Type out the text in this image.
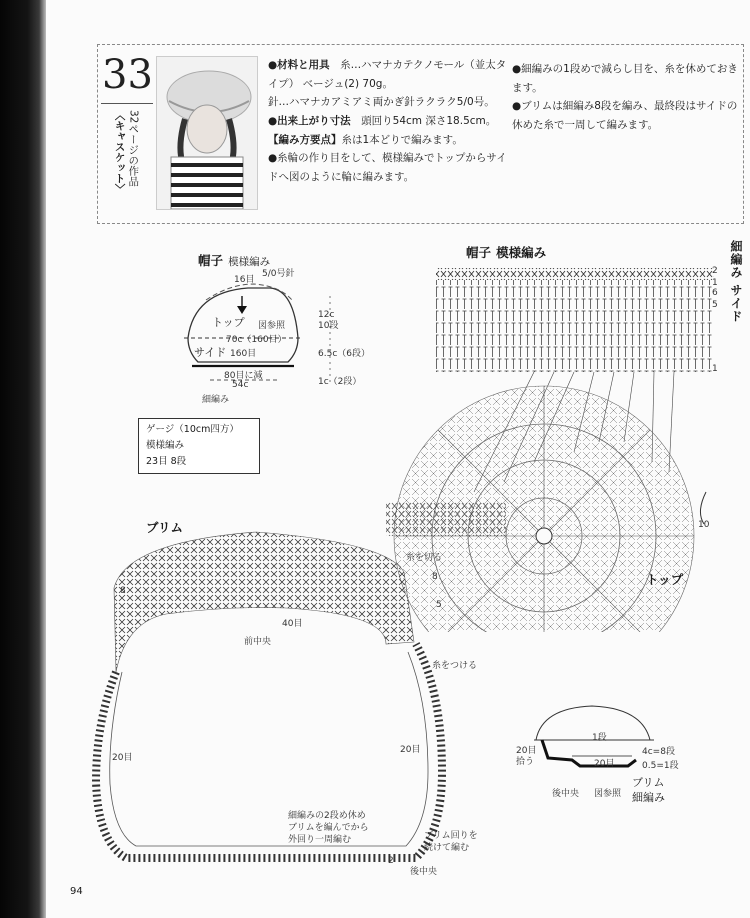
33
32ページの作品
〈キャスケット〉
●材料と用具　 糸…ハマナカテクノモール（並太タイプ） ベージュ(2) 70g。
針…ハマナカアミアミ両かぎ針ラクラク5/0号。
●出来上がり寸法　 頭回り54cm 深さ18.5cm。
【編み方要点】糸は1本どりで編みます。
●糸輪の作り目をして、模様編みでトップからサイドへ図のように輪に編みます。
●細編みの1段めで減らし目を、糸を休めておきます。
●ブリムは細編み8段を編み、最終段はサイドの休めた糸で一周して編みます。
細編み サイド
帽子 模様編み
5/0号針
16目
トップ 図参照
70c（160目）
サイド 160目
80目に減
54c
細編み
12c
10段
6.5c（6段）
1c（2段）
ゲージ（10cm四方）
模様編み
23目 8段
帽子 模様編み
2
1
6
5
1
10
糸を切る
8
5
トップ
ブリム
40目
前中央
糸をつける
20目
20目
8
細編みの2段め休め
ブリムを編んでから
外回り一周編む	ブリム回りを
続けて編む
2
後中央
1段
20目
拾う	20目
4c=8段
0.5=1段
後中央 図参照
ブリム
細編み
94
